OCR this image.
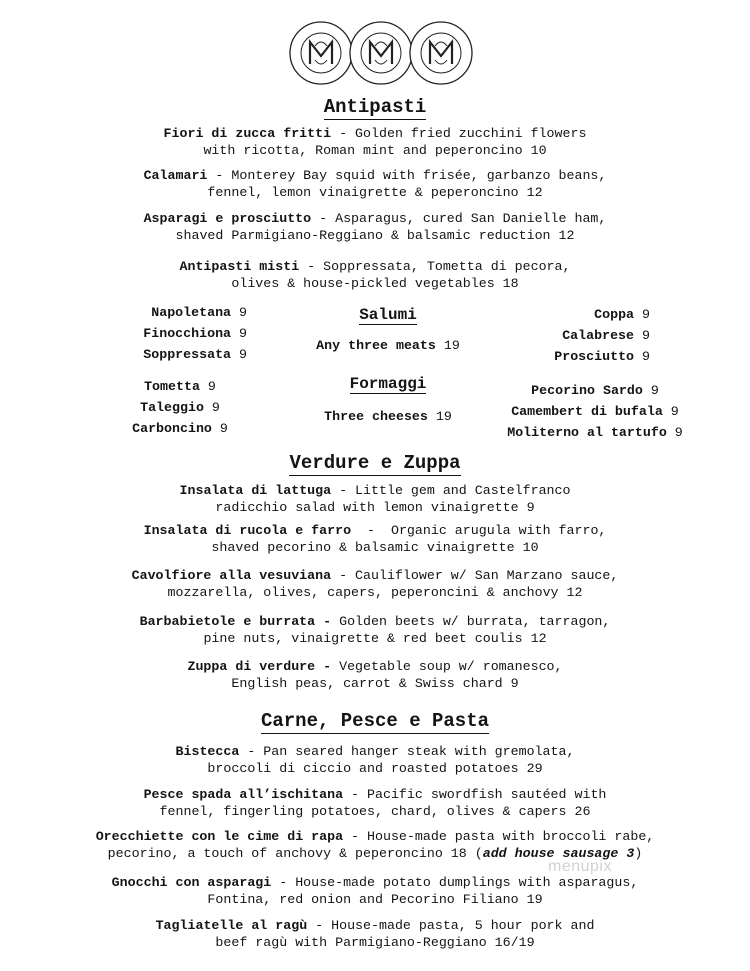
Antipasti
Fiori di zucca fritti - Golden fried zucchini flowers
with ricotta, Roman mint and peperoncino 10
Calamari - Monterey Bay squid with frisée, garbanzo beans,
fennel, lemon vinaigrette & peperoncino 12
Asparagi e prosciutto - Asparagus, cured San Danielle ham,
shaved Parmigiano-Reggiano & balsamic reduction 12
Antipasti misti - Soppressata, Tometta di pecora,
olives & house-pickled vegetables 18
Napoletana 9
Finocchiona 9
Soppressata 9
Salumi
Any three meats 19
Coppa 9
Calabrese 9
Prosciutto 9
Tometta 9
Taleggio 9
Carboncino 9
Formaggi
Three cheeses 19
Pecorino Sardo 9
Camembert di bufala 9
Moliterno al tartufo 9
Verdure e Zuppa
Insalata di lattuga - Little gem and Castelfranco
radicchio salad with lemon vinaigrette 9
Insalata di rucola e farro  -  Organic arugula with farro,
shaved pecorino & balsamic vinaigrette 10
Cavolfiore alla vesuviana - Cauliflower w/ San Marzano sauce,
mozzarella, olives, capers, peperoncini & anchovy 12
Barbabietole e burrata - Golden beets w/ burrata, tarragon,
pine nuts, vinaigrette & red beet coulis 12
Zuppa di verdure - Vegetable soup w/ romanesco,
English peas, carrot & Swiss chard 9
Carne, Pesce e Pasta
Bistecca - Pan seared hanger steak with gremolata,
broccoli di ciccio and roasted potatoes 29
Pesce spada all’ischitana - Pacific swordfish sautéed with
fennel, fingerling potatoes, chard, olives & capers 26
Orecchiette con le cime di rapa - House-made pasta with broccoli rabe,
pecorino, a touch of anchovy & peperoncino 18 (add house sausage 3)
Gnocchi con asparagi - House-made potato dumplings with asparagus,
Fontina, red onion and Pecorino Filiano 19
Tagliatelle al ragù - House-made pasta, 5 hour pork and
beef ragù with Parmigiano-Reggiano 16/19
menupix
